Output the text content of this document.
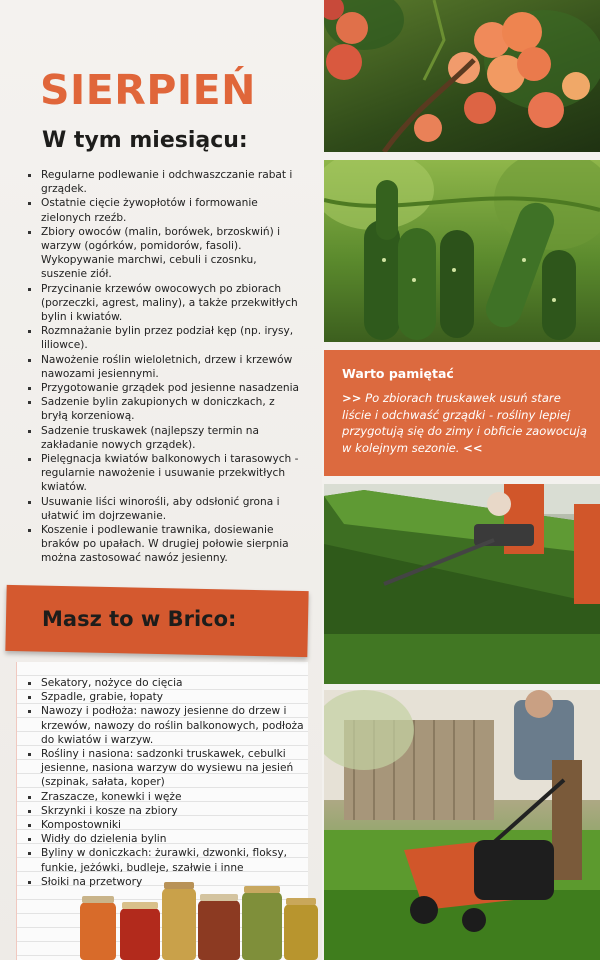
SIERPIEŃ
W tym miesiącu:
Regularne podlewanie i odchwaszczanie rabat i grządek.
Ostatnie cięcie żywopłotów i formowanie zielonych rzeźb.
Zbiory owoców (malin, borówek, brzoskwiń) i warzyw (ogórków, pomidorów, fasoli). Wykopywanie marchwi, cebuli i czosnku, suszenie ziół.
Przycinanie krzewów owocowych po zbiorach (porzeczki, agrest, maliny), a także przekwitłych bylin i kwiatów.
Rozmnażanie bylin przez podział kęp (np. irysy, liliowce).
Nawożenie roślin wieloletnich, drzew i krzewów nawozami jesiennymi.
Przygotowanie grządek pod jesienne nasadzenia
Sadzenie bylin zakupionych w doniczkach, z bryłą korzeniową.
Sadzenie truskawek (najlepszy termin na zakładanie nowych grządek).
Pielęgnacja kwiatów balkonowych i tarasowych - regularnie nawożenie i usuwanie przekwitłych kwiatów.
Usuwanie liści winorośli, aby odsłonić grona i ułatwić im dojrzewanie.
Koszenie i podlewanie trawnika, dosiewanie braków po upałach. W drugiej połowie sierpnia można zastosować nawóz jesienny.
Masz to w Brico:
Sekatory, nożyce do cięcia
Szpadle, grabie, łopaty
Nawozy i podłoża: nawozy jesienne do drzew i krzewów, nawozy do roślin balkonowych, podłoża do kwiatów i warzyw.
Rośliny i nasiona: sadzonki truskawek, cebulki jesienne, nasiona warzyw do wysiewu na jesień (szpinak, sałata, koper)
Zraszacze, konewki i węże
Skrzynki i kosze na zbiory
Kompostowniki
Widły do dzielenia bylin
Byliny w doniczkach: żurawki, dzwonki, floksy, funkie, jeżówki, budleje, szałwie i inne
Słoiki na przetwory
Warto pamiętać
>> Po zbiorach truskawek usuń stare liście i odchwaść grządki - rośliny lepiej przygotują się do zimy i obficie zaowocują w kolejnym sezonie. <<
